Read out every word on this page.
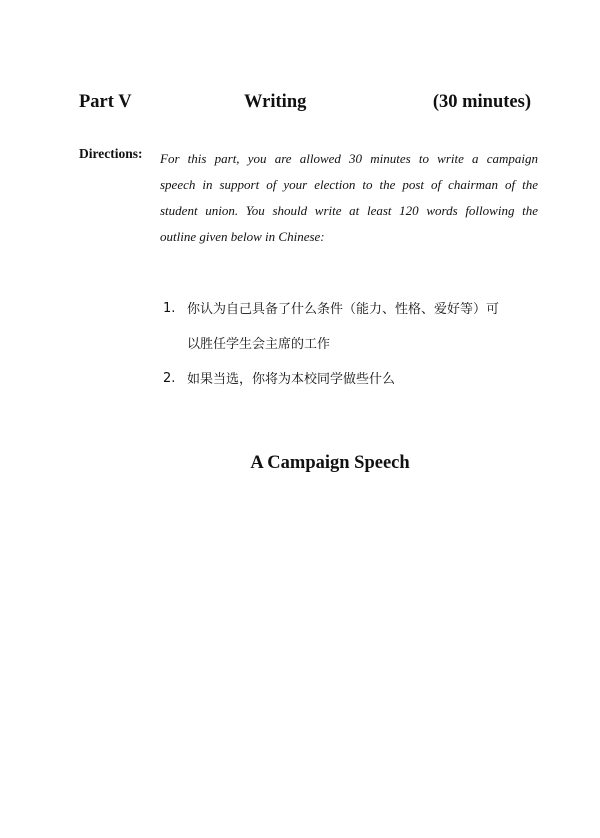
Part V	Writing	(30 minutes)
Directions: For this part, you are allowed 30 minutes to write a campaign
speech in support of your election to the post of chairman of the
student union. You should write at least 120 words following the
outline given below in Chinese:
1. 你认为自己具备了什么条件（能力、性格、爱好等）可
以胜任学生会主席的工作
2. 如果当选，你将为本校同学做些什么
A Campaign Speech
